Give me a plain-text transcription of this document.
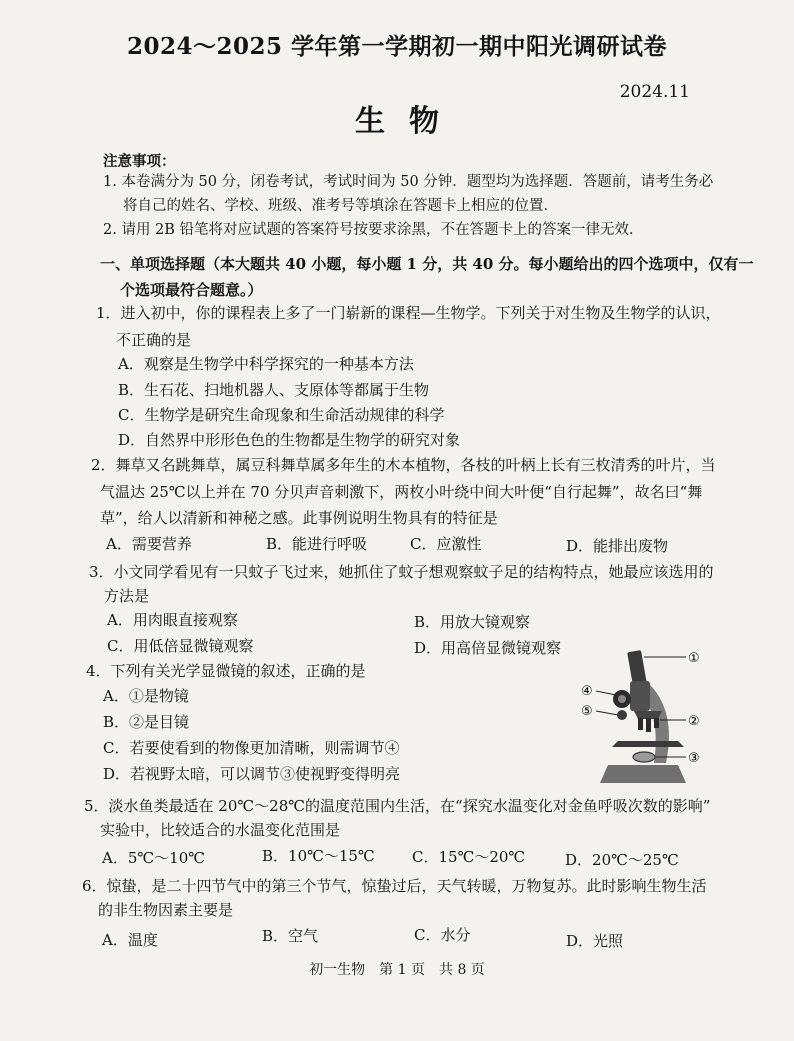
2024～2025 学年第一学期初一期中阳光调研试卷
2024.11
生物
注意事项：
1. 本卷满分为 50 分，闭卷考试，考试时间为 50 分钟．题型均为选择题．答题前，请考生务必
将自己的姓名、学校、班级、准考号等填涂在答题卡上相应的位置．
2. 请用 2B 铅笔将对应试题的答案符号按要求涂黑，不在答题卡上的答案一律无效．
一、单项选择题（本大题共 40 小题，每小题 1 分，共 40 分。每小题给出的四个选项中，仅有一
个选项最符合题意。）
1．进入初中，你的课程表上多了一门崭新的课程—生物学。下列关于对生物及生物学的认识，
不正确的是
A．观察是生物学中科学探究的一种基本方法
B．生石花、扫地机器人、支原体等都属于生物
C．生物学是研究生命现象和生命活动规律的科学
D．自然界中形形色色的生物都是生物学的研究对象
2．舞草又名跳舞草，属豆科舞草属多年生的木本植物，各枝的叶柄上长有三枚清秀的叶片，当
气温达 25℃以上并在 70 分贝声音刺激下，两枚小叶绕中间大叶便“自行起舞”，故名曰“舞
草”，给人以清新和神秘之感。此事例说明生物具有的特征是
A．需要营养	B．能进行呼吸	C．应激性	D．能排出废物
3．小文同学看见有一只蚊子飞过来，她抓住了蚊子想观察蚊子足的结构特点，她最应该选用的
方法是
A．用肉眼直接观察	B．用放大镜观察
C．用低倍显微镜观察	D．用高倍显微镜观察
4．下列有关光学显微镜的叙述，正确的是
A．①是物镜
B．②是目镜
C．若要使看到的物像更加清晰，则需调节④
D．若视野太暗，可以调节③使视野变得明亮
①
②
③
④
⑤
5．淡水鱼类最适在 20℃～28℃的温度范围内生活，在“探究水温变化对金鱼呼吸次数的影响”
实验中，比较适合的水温变化范围是
A．5℃～10℃	B．10℃～15℃ C．15℃～20℃	D．20℃～25℃
6．惊蛰，是二十四节气中的第三个节气，惊蛰过后，天气转暖，万物复苏。此时影响生物生活
的非生物因素主要是
A．温度	B．空气	C．水分	D．光照
初一生物　第 1 页　共 8 页
